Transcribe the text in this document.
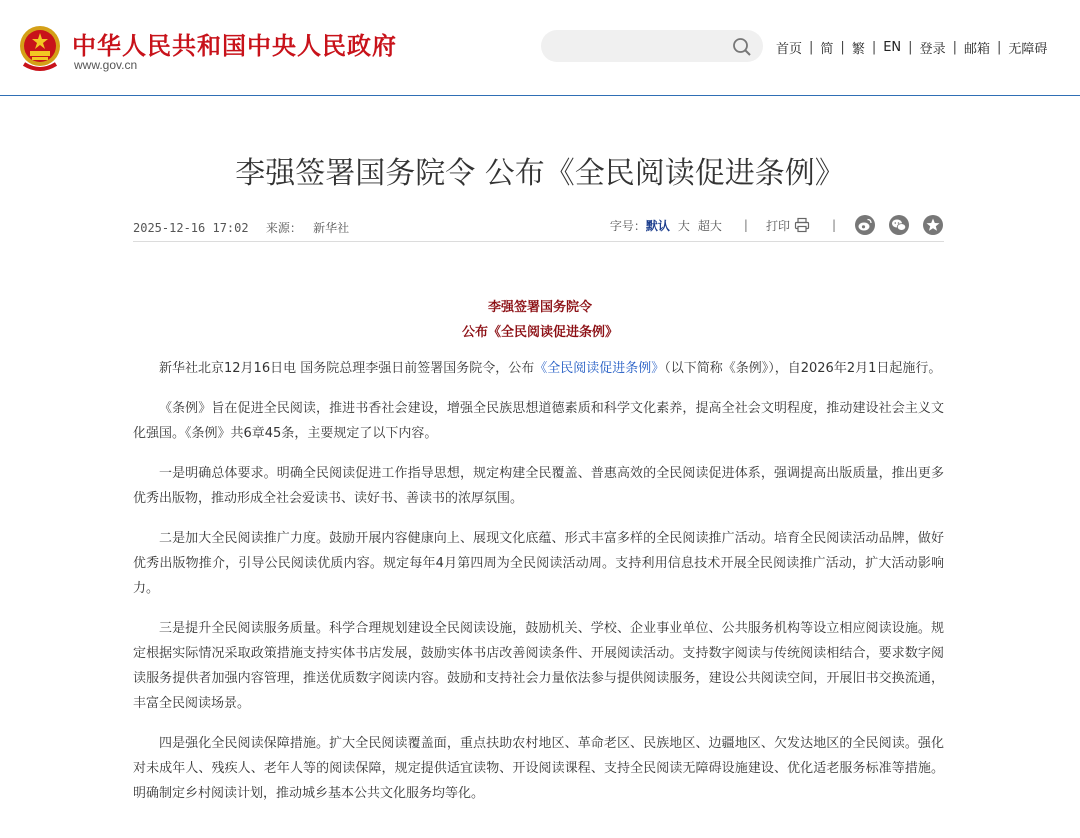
中华人民共和国中央人民政府
www.gov.cn
首页 | 简 | 繁 | EN | 登录 | 邮箱 | 无障碍
李强签署国务院令 公布《全民阅读促进条例》
2025-12-16 17:02 来源： 新华社	字号： 默认 大 超大 | 打印	|
李强签署国务院令
公布《全民阅读促进条例》

新华社北京12月16日电 国务院总理李强日前签署国务院令，公布《全民阅读促进条例》（以下简称《条例》），自2026年2月1日起施行。

《条例》旨在促进全民阅读，推进书香社会建设，增强全民族思想道德素质和科学文化素养，提高全社会文明程度，推动建设社会主义文化强国。《条例》共6章45条，主要规定了以下内容。

一是明确总体要求。明确全民阅读促进工作指导思想，规定构建全民覆盖、普惠高效的全民阅读促进体系，强调提高出版质量，推出更多优秀出版物，推动形成全社会爱读书、读好书、善读书的浓厚氛围。

二是加大全民阅读推广力度。鼓励开展内容健康向上、展现文化底蕴、形式丰富多样的全民阅读推广活动。培育全民阅读活动品牌，做好优秀出版物推介，引导公民阅读优质内容。规定每年4月第四周为全民阅读活动周。支持利用信息技术开展全民阅读推广活动，扩大活动影响力。

三是提升全民阅读服务质量。科学合理规划建设全民阅读设施，鼓励机关、学校、企业事业单位、公共服务机构等设立相应阅读设施。规定根据实际情况采取政策措施支持实体书店发展，鼓励实体书店改善阅读条件、开展阅读活动。支持数字阅读与传统阅读相结合，要求数字阅读服务提供者加强内容管理，推送优质数字阅读内容。鼓励和支持社会力量依法参与提供阅读服务，建设公共阅读空间，开展旧书交换流通，丰富全民阅读场景。

四是强化全民阅读保障措施。扩大全民阅读覆盖面，重点扶助农村地区、革命老区、民族地区、边疆地区、欠发达地区的全民阅读。强化对未成年人、残疾人、老年人等的阅读保障，规定提供适宜读物、开设阅读课程、支持全民阅读无障碍设施建设、优化适老服务标准等措施。明确制定乡村阅读计划，推动城乡基本公共文化服务均等化。
